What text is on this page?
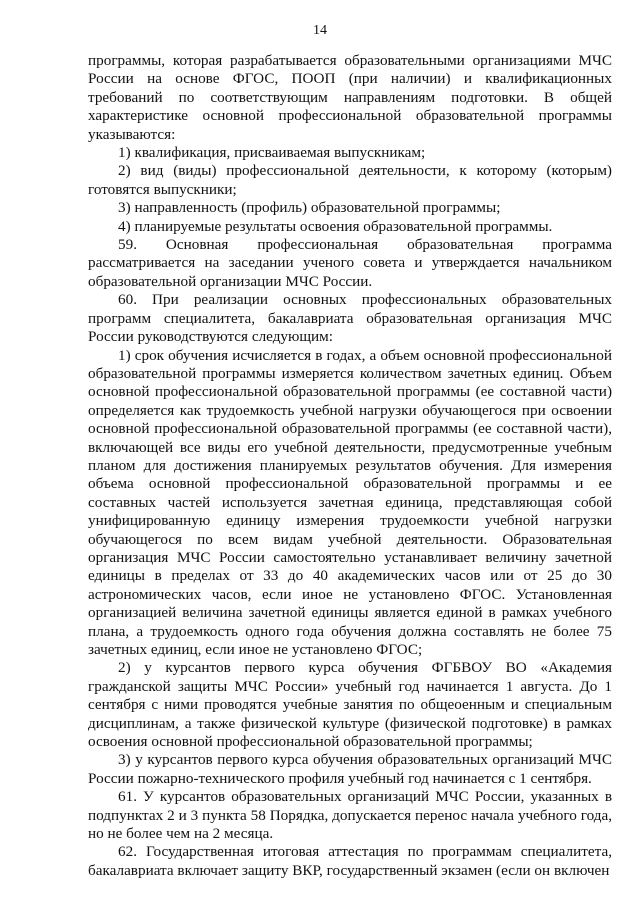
14

программы, которая разрабатывается образовательными организациями МЧС России на основе ФГОС, ПООП (при наличии) и квалификационных требований по соответствующим направлениям подготовки. В общей характеристике основной профессиональной образовательной программы указываются:

1) квалификация, присваиваемая выпускникам;

2) вид (виды) профессиональной деятельности, к которому (которым) готовятся выпускники;

3) направленность (профиль) образовательной программы;

4) планируемые результаты освоения образовательной программы.

59. Основная профессиональная образовательная программа рассматривается на заседании ученого совета и утверждается начальником образовательной организации МЧС России.

60. При реализации основных профессиональных образовательных программ специалитета, бакалавриата образовательная организация МЧС России руководствуются следующим:

1) срок обучения исчисляется в годах, а объем основной профессиональной образовательной программы измеряется количеством зачетных единиц. Объем основной профессиональной образовательной программы (ее составной части) определяется как трудоемкость учебной нагрузки обучающегося при освоении основной профессиональной образовательной программы (ее составной части), включающей все виды его учебной деятельности, предусмотренные учебным планом для достижения планируемых результатов обучения. Для измерения объема основной профессиональной образовательной программы и ее составных частей используется зачетная единица, представляющая собой унифицированную единицу измерения трудоемкости учебной нагрузки обучающегося по всем видам учебной деятельности. Образовательная организация МЧС России самостоятельно устанавливает величину зачетной единицы в пределах от 33 до 40 академических часов или от 25 до 30 астрономических часов, если иное не установлено ФГОС. Установленная организацией величина зачетной единицы является единой в рамках учебного плана, а трудоемкость одного года обучения должна составлять не более 75 зачетных единиц, если иное не установлено ФГОС;

2) у курсантов первого курса обучения ФГБВОУ ВО «Академия гражданской защиты МЧС России» учебный год начинается 1 августа. До 1 сентября с ними проводятся учебные занятия по общеоенным и специальным дисциплинам, а также физической культуре (физической подготовке) в рамках освоения основной профессиональной образовательной программы;

3) у курсантов первого курса обучения образовательных организаций МЧС России пожарно-технического профиля учебный год начинается с 1 сентября.

61. У курсантов образовательных организаций МЧС России, указанных в подпунктах 2 и 3 пункта 58 Порядка, допускается перенос начала учебного года, но не более чем на 2 месяца.

62. Государственная итоговая аттестация по программам специалитета, бакалавриата включает защиту ВКР, государственный экзамен (если он включен
